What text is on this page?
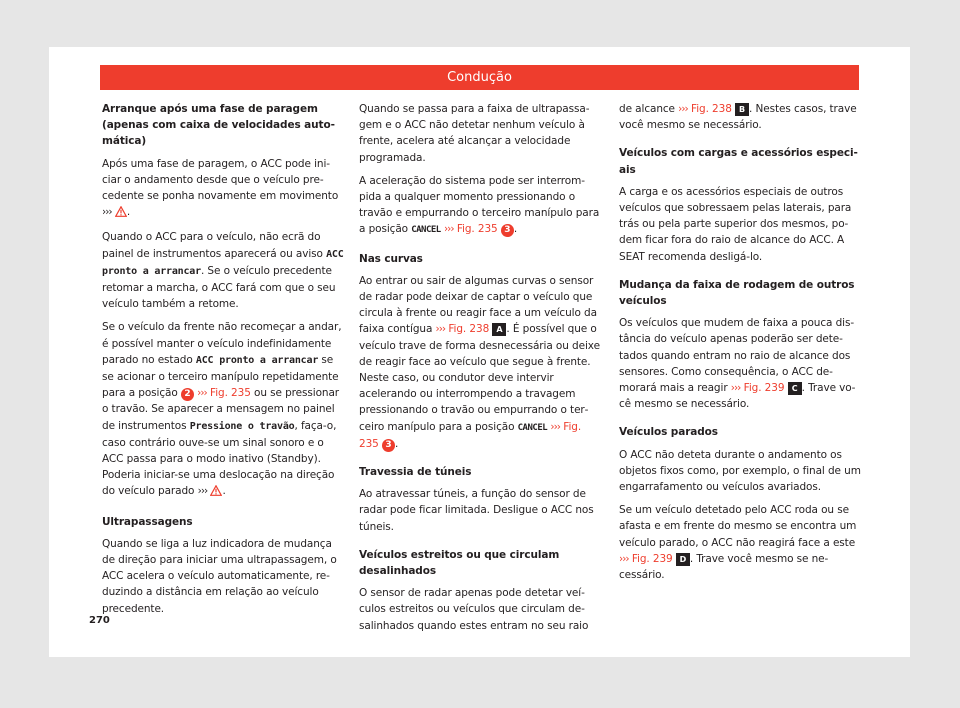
Condução
Arranque após uma fase de paragem (apenas com caixa de velocidades automática)

Após uma fase de paragem, o ACC pode iniciar o andamento desde que o veículo precedente se ponha novamente em movimento ››› .

Quando o ACC para o veículo, não ecrã do painel de instrumentos aparecerá ou aviso ACC pronto a arrancar. Se o veículo precedente retomar a marcha, o ACC fará com que o seu veículo também a retome.

Se o veículo da frente não recomeçar a andar, é possível manter o veículo indefinidamente parado no estado ACC pronto a arrancar se se acionar o terceiro manípulo repetidamente para a posição 2 ››› Fig. 235 ou se pressionar o travão. Se aparecer a mensagem no painel de instrumentos Pressione o travão, faça-o, caso contrário ouve-se um sinal sonoro e o ACC passa para o modo inativo (Standby). Poderia iniciar-se uma deslocação na direção do veículo parado ››› .

Ultrapassagens

Quando se liga a luz indicadora de mudança de direção para iniciar uma ultrapassagem, o ACC acelera o veículo automaticamente, reduzindo a distância em relação ao veículo precedente.

Quando se passa para a faixa de ultrapassagem e o ACC não detetar nenhum veículo à frente, acelera até alcançar a velocidade programada.

A aceleração do sistema pode ser interrompida a qualquer momento pressionando o travão e empurrando o terceiro manípulo para a posição CANCEL ››› Fig. 235 3 .

Nas curvas

Ao entrar ou sair de algumas curvas o sensor de radar pode deixar de captar o veículo que circula à frente ou reagir face a um veículo da faixa contígua ››› Fig. 238 A . É possível que o veículo trave de forma desnecessária ou deixe de reagir face ao veículo que segue à frente. Neste caso, ou condutor deve intervir acelerando ou interrompendo a travagem pressionando o travão ou empurrando o terceiro manípulo para a posição CANCEL ››› Fig. 235 3 .

Travessia de túneis

Ao atravessar túneis, a função do sensor de radar pode ficar limitada. Desligue o ACC nos túneis.

Veículos estreitos ou que circulam desalinhados

O sensor de radar apenas pode detetar veículos estreitos ou veículos que circulam desalinhados quando estes entram no seu raio

de alcance ››› Fig. 238 B . Nestes casos, trave você mesmo se necessário.

Veículos com cargas e acessórios especiais

A carga e os acessórios especiais de outros veículos que sobressaem pelas laterais, para trás ou pela parte superior dos mesmos, podem ficar fora do raio de alcance do ACC. A SEAT recomenda desligá-lo.

Mudança da faixa de rodagem de outros veículos

Os veículos que mudem de faixa a pouca distância do veículo apenas poderão ser detetados quando entram no raio de alcance dos sensores. Como consequência, o ACC demorará mais a reagir ››› Fig. 239 C . Trave você mesmo se necessário.

Veículos parados

O ACC não deteta durante o andamento os objetos fixos como, por exemplo, o final de um engarrafamento ou veículos avariados.

Se um veículo detetado pelo ACC roda ou se afasta e em frente do mesmo se encontra um veículo parado, o ACC não reagirá face a este ››› Fig. 239 D . Trave você mesmo se necessário.

270
